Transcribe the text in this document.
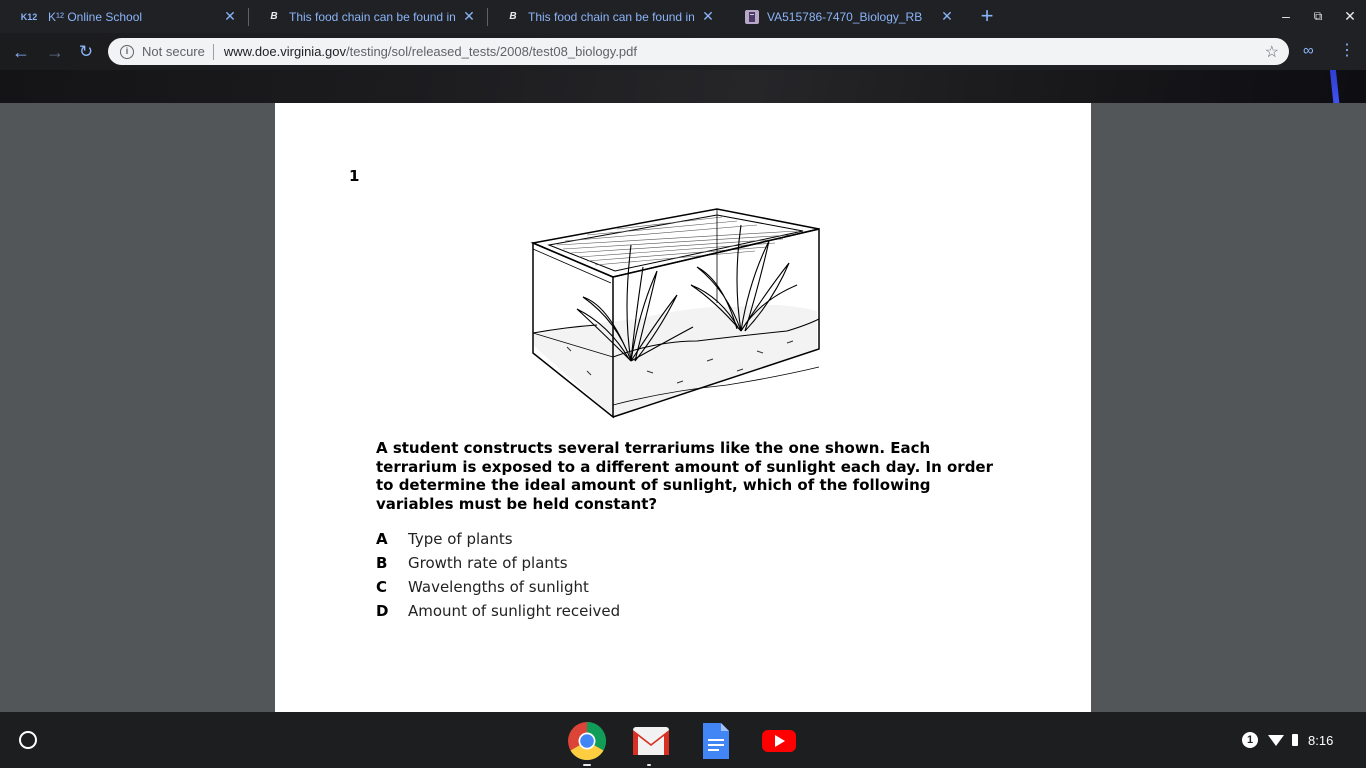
K12 K¹² Online School	✕	B This food chain can be found in ✕	B This food chain can be found in ✕	VA515786-7470_Biology_RB	✕ +	–	⧉	✕
← → ↻	i	Not secure www.doe.virginia.gov /testing/sol/released_tests/2008/test08_biology.pdf	☆ ∞ ⋮
1
A student constructs several terrariums like the one shown. Each terrarium is exposed to a different amount of sunlight each day. In order to determine the ideal amount of sunlight, which of the following variables must be held constant?
A	Type of plants
B	Growth rate of plants
C	Wavelengths of sunlight
D	Amount of sunlight received
1	8:16
